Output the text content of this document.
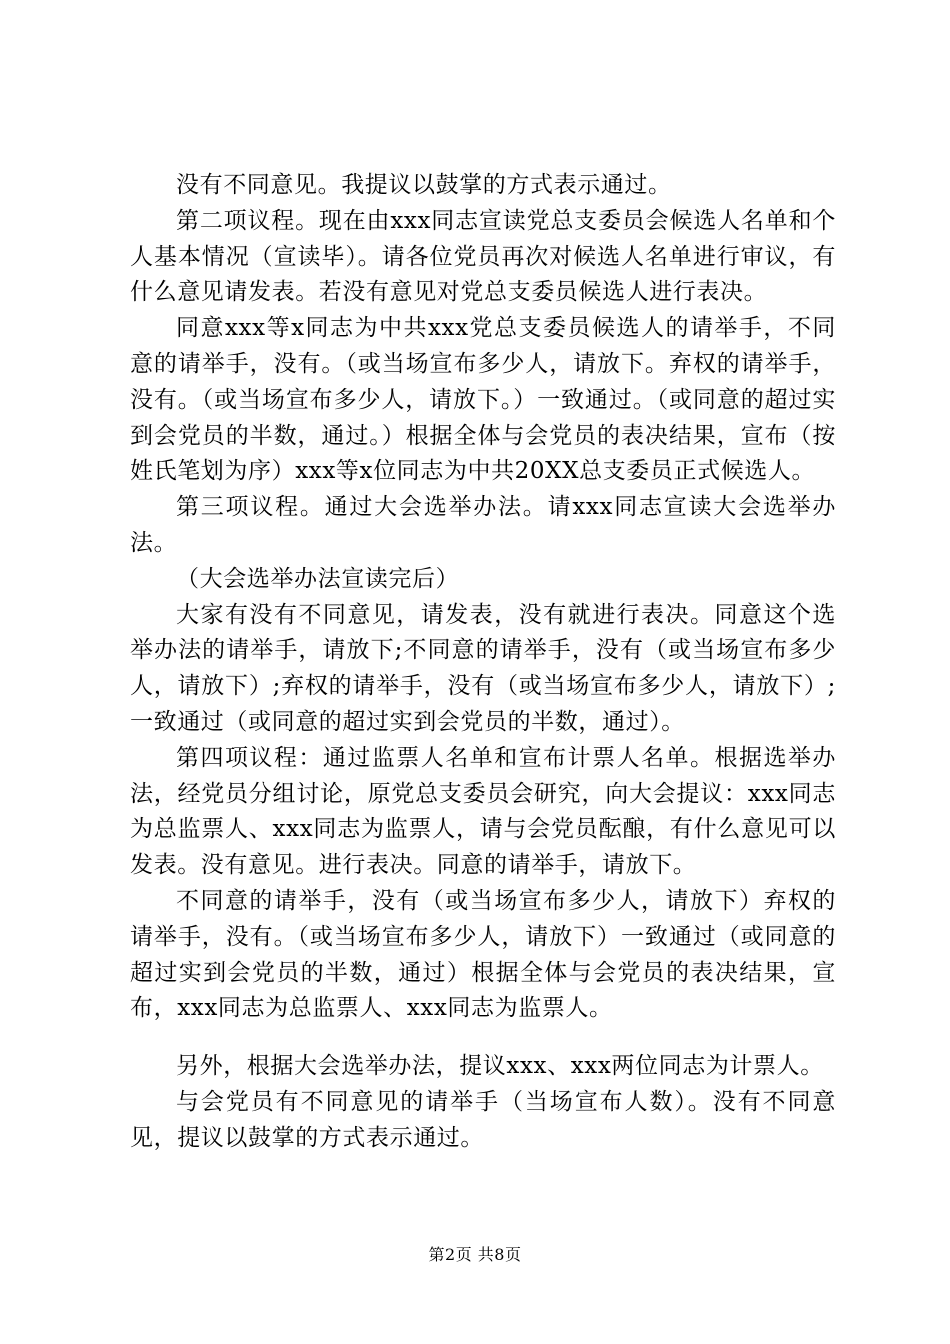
没有不同意见。我提议以鼓掌的方式表示通过。

第二项议程。现在由xxx同志宣读党总支委员会候选人名单和个人基本情况（宣读毕）。请各位党员再次对候选人名单进行审议，有什么意见请发表。若没有意见对党总支委员候选人进行表决。

同意xxx等x同志为中共xxx党总支委员候选人的请举手，不同意的请举手，没有。（或当场宣布多少人，请放下。弃权的请举手，没有。（或当场宣布多少人，请放下。）一致通过。（或同意的超过实到会党员的半数，通过。）根据全体与会党员的表决结果，宣布（按姓氏笔划为序）xxx等x位同志为中共20XX总支委员正式候选人。

第三项议程。通过大会选举办法。请xxx同志宣读大会选举办法。

（大会选举办法宣读完后）

大家有没有不同意见，请发表，没有就进行表决。同意这个选举办法的请举手，请放下;不同意的请举手，没有（或当场宣布多少人，请放下）;弃权的请举手，没有（或当场宣布多少人，请放下）;一致通过（或同意的超过实到会党员的半数，通过）。

第四项议程：通过监票人名单和宣布计票人名单。根据选举办法，经党员分组讨论，原党总支委员会研究，向大会提议：xxx同志为总监票人、xxx同志为监票人，请与会党员酝酿，有什么意见可以发表。没有意见。进行表决。同意的请举手，请放下。

不同意的请举手，没有（或当场宣布多少人，请放下）弃权的请举手，没有。（或当场宣布多少人，请放下）一致通过（或同意的超过实到会党员的半数，通过）根据全体与会党员的表决结果，宣布，xxx同志为总监票人、xxx同志为监票人。

另外，根据大会选举办法，提议xxx、xxx两位同志为计票人。

与会党员有不同意见的请举手（当场宣布人数）。没有不同意见，提议以鼓掌的方式表示通过。

第2页 共8页
